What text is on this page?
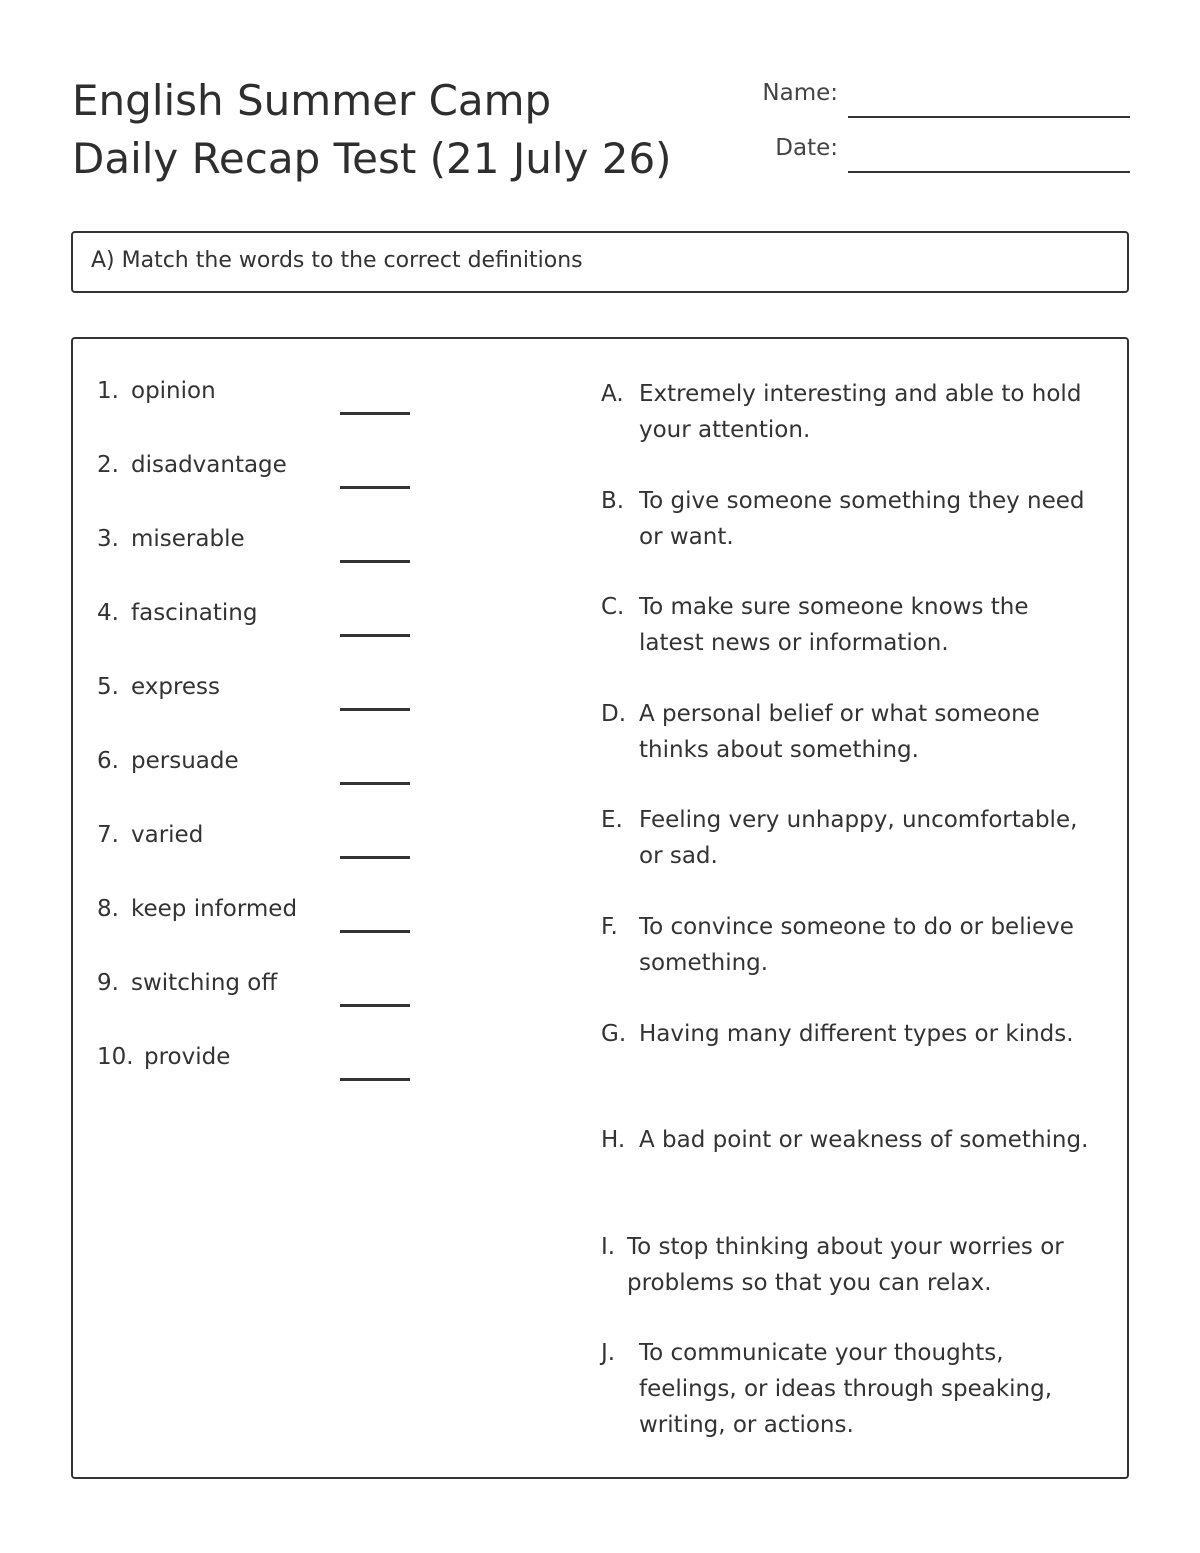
English Summer Camp
Daily Recap Test (21 July 26)
Name:
Date:
A) Match the words to the correct definitions
1. opinion
2. disadvantage
3. miserable
4. fascinating
5. express
6. persuade
7. varied
8. keep informed
9. switching off
10. provide
A. Extremely interesting and able to hold your attention.
B. To give someone something they need or want.
C. To make sure someone knows the latest news or information.
D. A personal belief or what someone thinks about something.
E. Feeling very unhappy, uncomfortable, or sad.
F. To convince someone to do or believe something.
G. Having many different types or kinds.
H. A bad point or weakness of something.
I. To stop thinking about your worries or problems so that you can relax.
J. To communicate your thoughts, feelings, or ideas through speaking, writing, or actions.
